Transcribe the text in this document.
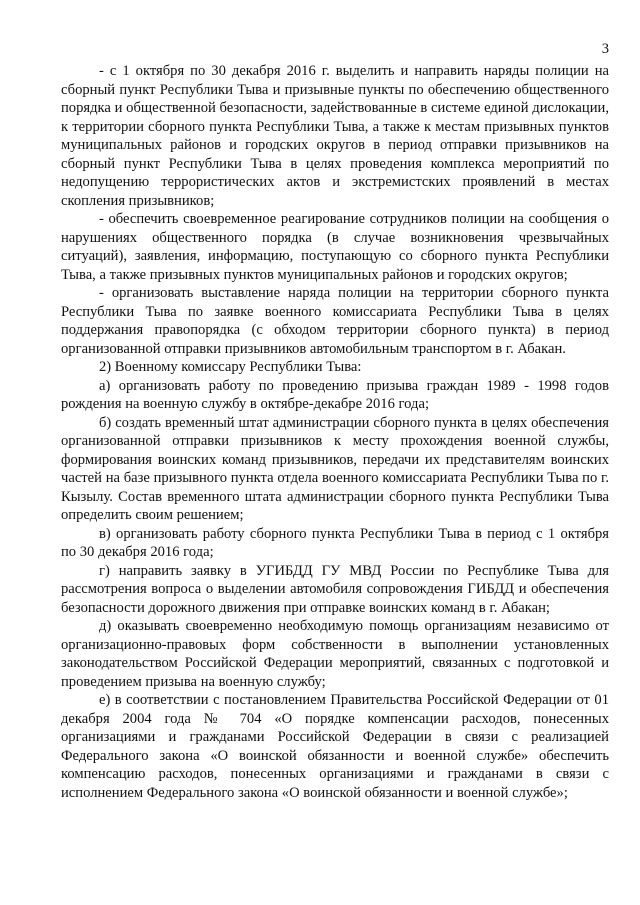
3

- с 1 октября по 30 декабря 2016 г. выделить и направить наряды полиции на сборный пункт Республики Тыва и призывные пункты по обеспечению общественного порядка и общественной безопасности, задействованные в системе единой дислокации, к территории сборного пункта Республики Тыва, а также к местам призывных пунктов муниципальных районов и городских округов в период отправки призывников на сборный пункт Республики Тыва в целях проведения комплекса мероприятий по недопущению террористических актов и экстремистских проявлений в местах скопления призывников;

- обеспечить своевременное реагирование сотрудников полиции на сообщения о нарушениях общественного порядка (в случае возникновения чрезвычайных ситуаций), заявления, информацию, поступающую со сборного пункта Республики Тыва, а также призывных пунктов муниципальных районов и городских округов;

- организовать выставление наряда полиции на территории сборного пункта Республики Тыва по заявке военного комиссариата Республики Тыва в целях поддержания правопорядка (с обходом территории сборного пункта) в период организованной отправки призывников автомобильным транспортом в г. Абакан.

2) Военному комиссару Республики Тыва:

а) организовать работу по проведению призыва граждан 1989 - 1998 годов рождения на военную службу в октябре-декабре 2016 года;

б) создать временный штат администрации сборного пункта в целях обеспечения организованной отправки призывников к месту прохождения военной службы, формирования воинских команд призывников, передачи их представителям воинских частей на базе призывного пункта отдела военного комиссариата Республики Тыва по г. Кызылу. Состав временного штата администрации сборного пункта Республики Тыва определить своим решением;

в) организовать работу сборного пункта Республики Тыва в период с 1 октября по 30 декабря 2016 года;

г) направить заявку в УГИБДД ГУ МВД России по Республике Тыва для рассмотрения вопроса о выделении автомобиля сопровождения ГИБДД и обеспечения безопасности дорожного движения при отправке воинских команд в г. Абакан;

д) оказывать своевременно необходимую помощь организациям независимо от организационно-правовых форм собственности в выполнении установленных законодательством Российской Федерации мероприятий, связанных с подготовкой и проведением призыва на военную службу;

е) в соответствии с постановлением Правительства Российской Федерации от 01 декабря 2004 года № 704 «О порядке компенсации расходов, понесенных организациями и гражданами Российской Федерации в связи с реализацией Федерального закона «О воинской обязанности и военной службе» обеспечить компенсацию расходов, понесенных организациями и гражданами в связи с исполнением Федерального закона «О воинской обязанности и военной службе»;
